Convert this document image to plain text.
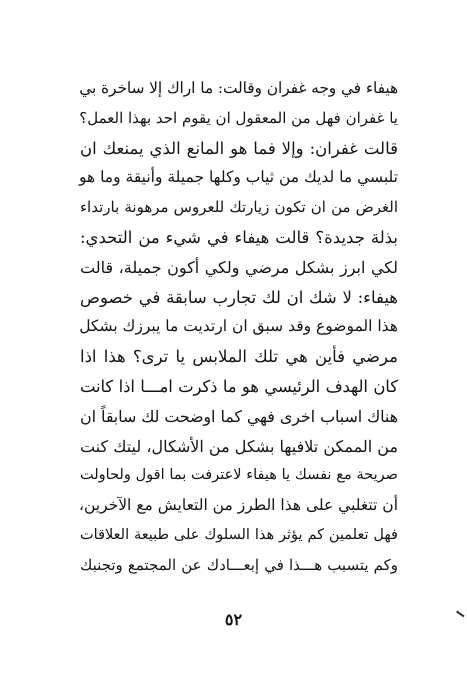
هيفاء في وجه غفران وقالت: ما اراك إلا ساخرة بي
يا غفران فهل من المعقول ان يقوم احد بهذا العمل؟
قالت غفران: وإلا فما هو المانع الذي يمنعك ان
تلبسي ما لديك من ثياب وكلها جميلة وأنيقة وما هو
الغرض من ان تكون زيارتك للعروس مرهونة بارتداء
بذلة جديدة؟ قالت هيفاء في شيء من التحدي:
لكي ابرز بشكل مرضي ولكي أكون جميلة، قالت
هيفاء: لا شك ان لك تجارب سابقة في خصوص
هذا الموضوع وقد سبق ان ارتديت ما يبرزك بشكل
مرضي فأين هي تلك الملابس يا ترى؟ هذا اذا
كان الهدف الرئيسي هو ما ذكرت امـــا اذا كانت
هناك اسباب اخرى فهي كما اوضحت لك سابقاً ان
من الممكن تلافيها بشكل من الأشكال، ليتك كنت
صريحة مع نفسك يا هيفاء لاعترفت بما اقول ولحاولت
أن تتغلبي على هذا الطرز من التعايش مع الآخرين،
فهل تعلمين كم يؤثر هذا السلوك على طبيعة العلاقات
وكم يتسبب هـــذا في إبعـــادك عن المجتمع وتجنبك
٥٢
